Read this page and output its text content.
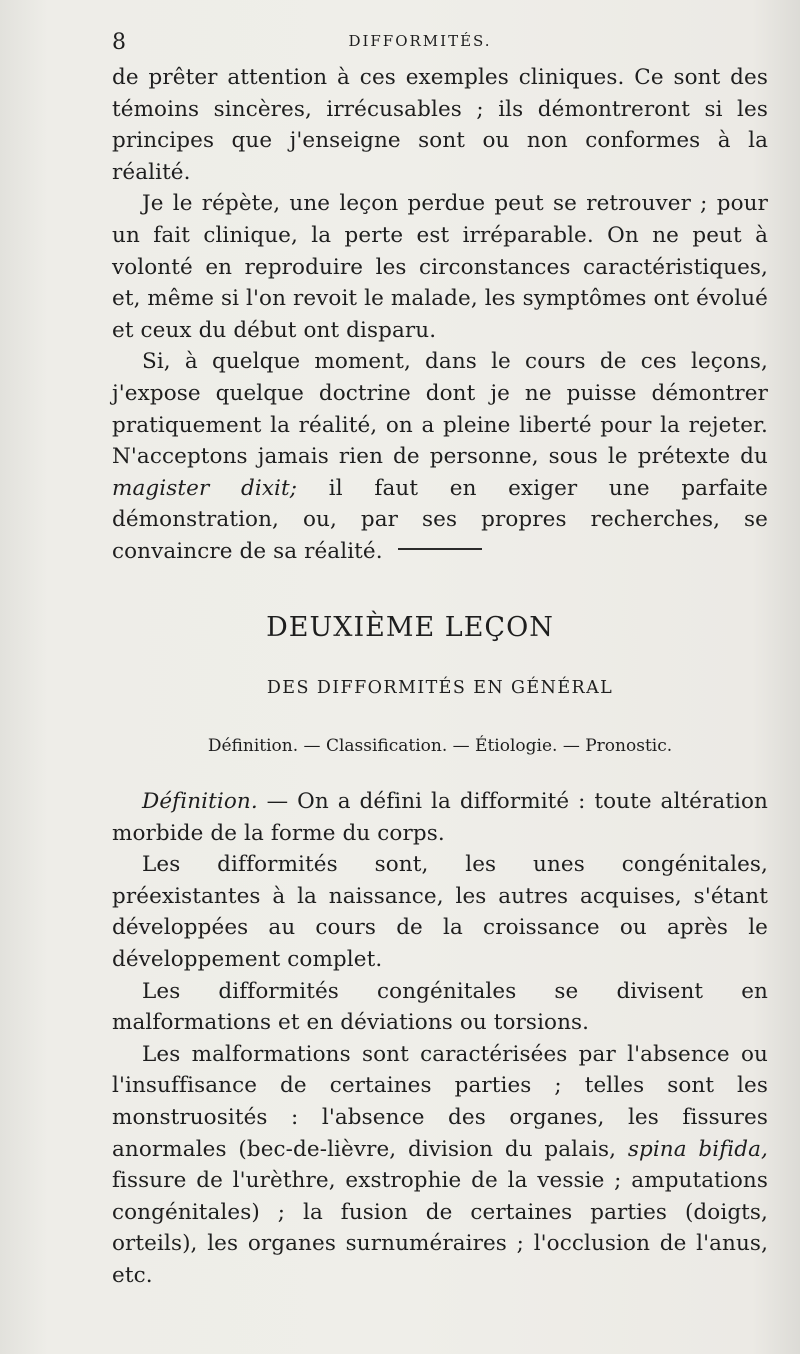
8	DIFFORMITÉS.

de prêter attention à ces exemples cliniques. Ce sont des témoins sincères, irrécusables ; ils démontreront si les principes que j'enseigne sont ou non conformes à la réalité.

Je le répète, une leçon perdue peut se retrouver ; pour un fait clinique, la perte est irréparable. On ne peut à volonté en reproduire les circonstances caractéristiques, et, même si l'on revoit le malade, les symptômes ont évolué et ceux du début ont disparu.

Si, à quelque moment, dans le cours de ces leçons, j'expose quelque doctrine dont je ne puisse démontrer pratiquement la réalité, on a pleine liberté pour la rejeter. N'acceptons jamais rien de personne, sous le prétexte du magister dixit; il faut en exiger une parfaite démonstration, ou, par ses propres recherches, se convaincre de sa réalité.

DEUXIÈME LEÇON
DES DIFFORMITÉS EN GÉNÉRAL
Définition. — Classification. — Étiologie. — Pronostic.

Définition. — On a défini la difformité : toute altération morbide de la forme du corps.

Les difformités sont, les unes congénitales, préexistantes à la naissance, les autres acquises, s'étant développées au cours de la croissance ou après le développement complet.

Les difformités congénitales se divisent en malformations et en déviations ou torsions.

Les malformations sont caractérisées par l'absence ou l'insuffisance de certaines parties ; telles sont les monstruosités : l'absence des organes, les fissures anormales (bec-de-lièvre, division du palais, spina bifida, fissure de l'urèthre, exstrophie de la vessie ; amputations congénitales) ; la fusion de certaines parties (doigts, orteils), les organes surnuméraires ; l'occlusion de l'anus, etc.
